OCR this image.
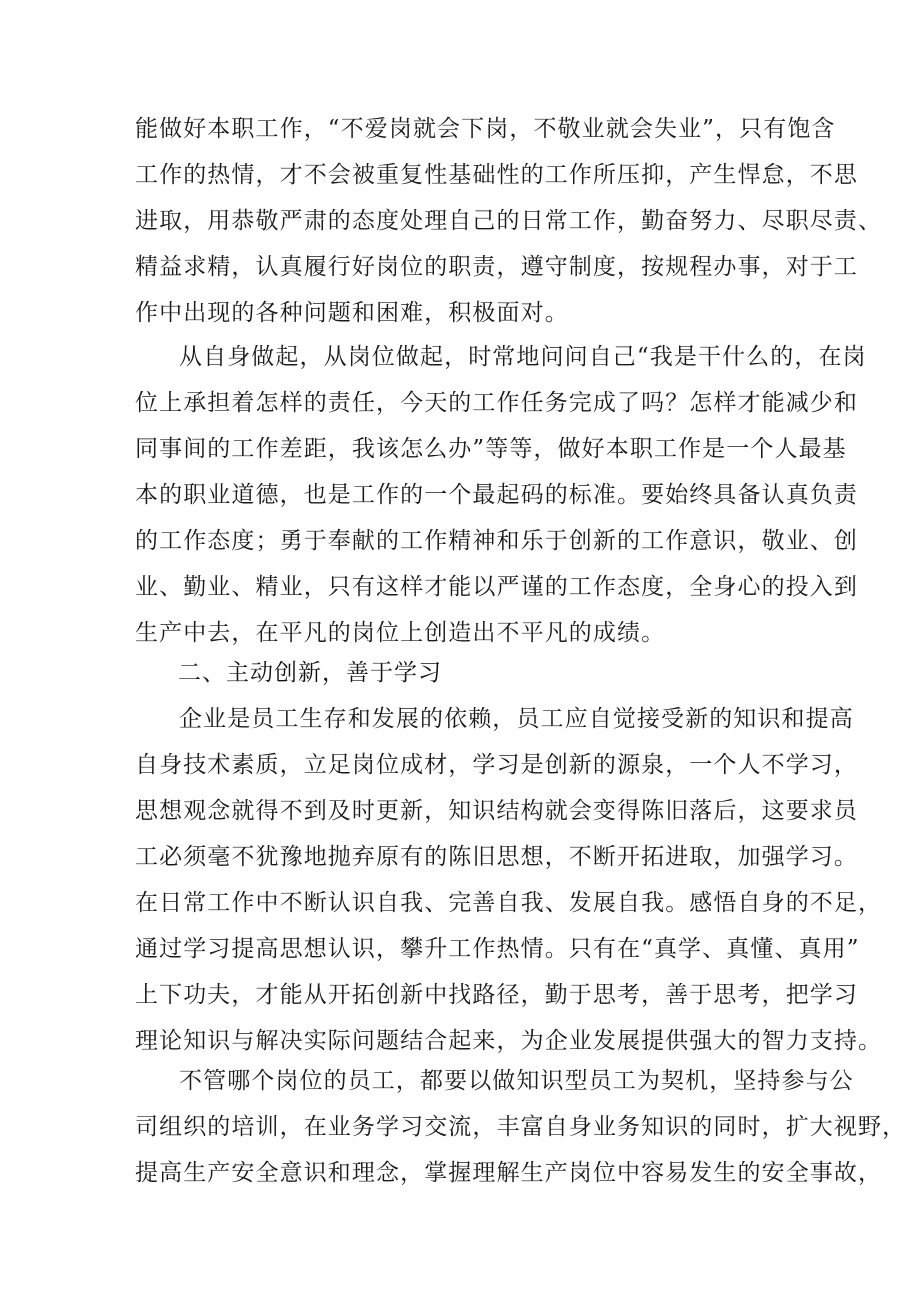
能做好本职工作，“不爱岗就会下岗，不敬业就会失业”，只有饱含
工作的热情，才不会被重复性基础性的工作所压抑，产生悍怠，不思
进取，用恭敬严肃的态度处理自己的日常工作，勤奋努力、尽职尽责、
精益求精，认真履行好岗位的职责，遵守制度，按规程办事，对于工
作中出现的各种问题和困难，积极面对。
从自身做起，从岗位做起，时常地问问自己“我是干什么的，在岗
位上承担着怎样的责任，今天的工作任务完成了吗？怎样才能减少和
同事间的工作差距，我该怎么办”等等，做好本职工作是一个人最基
本的职业道德，也是工作的一个最起码的标准。要始终具备认真负责
的工作态度；勇于奉献的工作精神和乐于创新的工作意识，敬业、创
业、勤业、精业，只有这样才能以严谨的工作态度，全身心的投入到
生产中去，在平凡的岗位上创造出不平凡的成绩。
二、主动创新，善于学习
企业是员工生存和发展的依赖，员工应自觉接受新的知识和提高
自身技术素质，立足岗位成材，学习是创新的源泉，一个人不学习，
思想观念就得不到及时更新，知识结构就会变得陈旧落后，这要求员
工必须毫不犹豫地抛弃原有的陈旧思想，不断开拓进取，加强学习。
在日常工作中不断认识自我、完善自我、发展自我。感悟自身的不足，
通过学习提高思想认识，攀升工作热情。只有在“真学、真懂、真用”
上下功夫，才能从开拓创新中找路径，勤于思考，善于思考，把学习
理论知识与解决实际问题结合起来，为企业发展提供强大的智力支持。
不管哪个岗位的员工，都要以做知识型员工为契机，坚持参与公
司组织的培训，在业务学习交流，丰富自身业务知识的同时，扩大视野，
提高生产安全意识和理念，掌握理解生产岗位中容易发生的安全事故，
